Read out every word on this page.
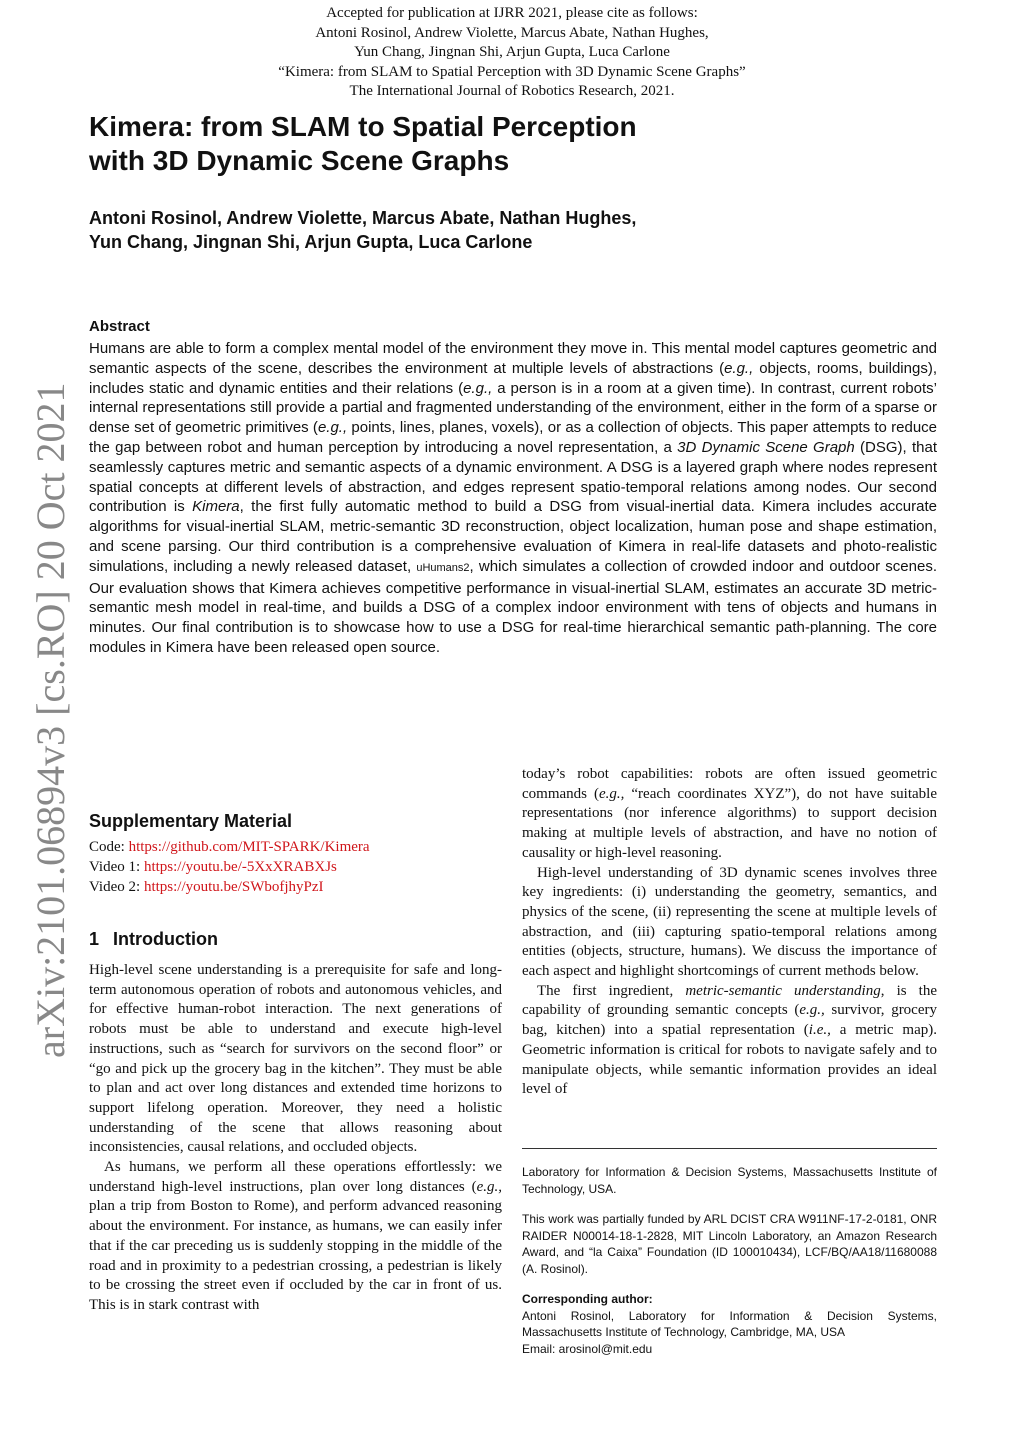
Accepted for publication at IJRR 2021, please cite as follows:
Antoni Rosinol, Andrew Violette, Marcus Abate, Nathan Hughes,
Yun Chang, Jingnan Shi, Arjun Gupta, Luca Carlone
“Kimera: from SLAM to Spatial Perception with 3D Dynamic Scene Graphs”
The International Journal of Robotics Research, 2021.
Kimera: from SLAM to Spatial Perception
with 3D Dynamic Scene Graphs
Antoni Rosinol, Andrew Violette, Marcus Abate, Nathan Hughes,
Yun Chang, Jingnan Shi, Arjun Gupta, Luca Carlone
Abstract
Humans are able to form a complex mental model of the environment they move in. This mental model captures geometric and semantic aspects of the scene, describes the environment at multiple levels of abstractions (e.g., objects, rooms, buildings), includes static and dynamic entities and their relations (e.g., a person is in a room at a given time). In contrast, current robots’ internal representations still provide a partial and fragmented understanding of the environment, either in the form of a sparse or dense set of geometric primitives (e.g., points, lines, planes, voxels), or as a collection of objects. This paper attempts to reduce the gap between robot and human perception by introducing a novel representation, a 3D Dynamic Scene Graph (DSG), that seamlessly captures metric and semantic aspects of a dynamic environment. A DSG is a layered graph where nodes represent spatial concepts at different levels of abstraction, and edges represent spatio-temporal relations among nodes. Our second contribution is Kimera, the first fully automatic method to build a DSG from visual-inertial data. Kimera includes accurate algorithms for visual-inertial SLAM, metric-semantic 3D reconstruction, object localization, human pose and shape estimation, and scene parsing. Our third contribution is a comprehensive evaluation of Kimera in real-life datasets and photo-realistic simulations, including a newly released dataset, uHumans2, which simulates a collection of crowded indoor and outdoor scenes. Our evaluation shows that Kimera achieves competitive performance in visual-inertial SLAM, estimates an accurate 3D metric-semantic mesh model in real-time, and builds a DSG of a complex indoor environment with tens of objects and humans in minutes. Our final contribution is to showcase how to use a DSG for real-time hierarchical semantic path-planning. The core modules in Kimera have been released open source.
arXiv:2101.06894v3 [cs.RO] 20 Oct 2021 Supplementary Material
Code: https://github.com/MIT-SPARK/Kimera
Video 1: https://youtu.be/-5XxXRABXJs
Video 2: https://youtu.be/SWbofjhyPzI
1 Introduction

High-level scene understanding is a prerequisite for safe and long-term autonomous operation of robots and autonomous vehicles, and for effective human-robot interaction. The next generations of robots must be able to understand and execute high-level instructions, such as “search for survivors on the second floor” or “go and pick up the grocery bag in the kitchen”. They must be able to plan and act over long distances and extended time horizons to support lifelong operation. Moreover, they need a holistic understanding of the scene that allows reasoning about inconsistencies, causal relations, and occluded objects.

As humans, we perform all these operations effortlessly: we understand high-level instructions, plan over long distances (e.g., plan a trip from Boston to Rome), and perform advanced reasoning about the environment. For instance, as humans, we can easily infer that if the car preceding us is suddenly stopping in the middle of the road and in proximity to a pedestrian crossing, a pedestrian is likely to be crossing the street even if occluded by the car in front of us. This is in stark contrast with

today’s robot capabilities: robots are often issued geometric commands (e.g., “reach coordinates XYZ”), do not have suitable representations (nor inference algorithms) to support decision making at multiple levels of abstraction, and have no notion of causality or high-level reasoning.

High-level understanding of 3D dynamic scenes involves three key ingredients: (i) understanding the geometry, semantics, and physics of the scene, (ii) representing the scene at multiple levels of abstraction, and (iii) capturing spatio-temporal relations among entities (objects, structure, humans). We discuss the importance of each aspect and highlight shortcomings of current methods below.

The first ingredient, metric-semantic understanding, is the capability of grounding semantic concepts (e.g., survivor, grocery bag, kitchen) into a spatial representation (i.e., a metric map). Geometric information is critical for robots to navigate safely and to manipulate objects, while semantic information provides an ideal level of

Laboratory for Information & Decision Systems, Massachusetts Institute of Technology, USA.

This work was partially funded by ARL DCIST CRA W911NF-17-2-0181, ONR RAIDER N00014-18-1-2828, MIT Lincoln Laboratory, an Amazon Research Award, and “la Caixa” Foundation (ID 100010434), LCF/BQ/AA18/11680088 (A. Rosinol).

Corresponding author:

Antoni Rosinol, Laboratory for Information & Decision Systems, Massachusetts Institute of Technology, Cambridge, MA, USA

Email: arosinol@mit.edu
